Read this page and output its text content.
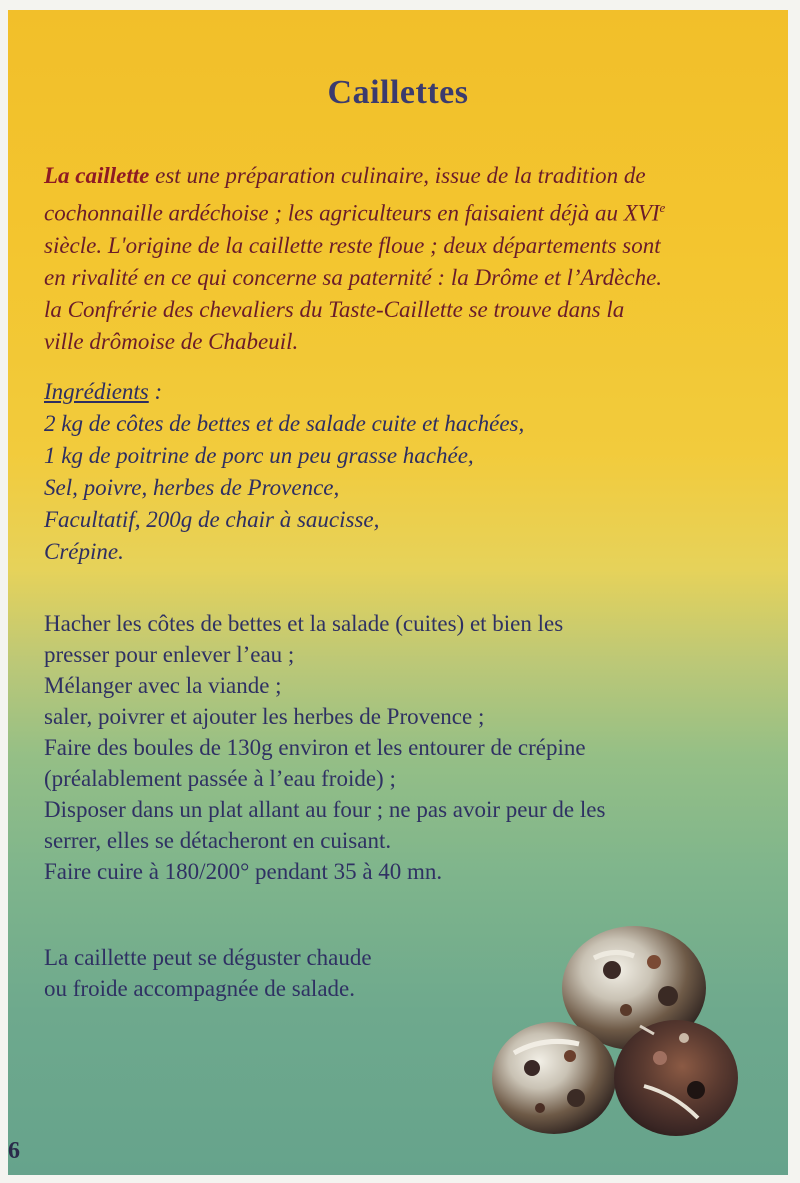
Caillettes
La caillette est une préparation culinaire, issue de la tradition de
cochonnaille ardéchoise ; les agriculteurs en faisaient déjà au XVIe
siècle. L'origine de la caillette reste floue ; deux départements sont
en rivalité en ce qui concerne sa paternité : la Drôme et l’Ardèche.
la Confrérie des chevaliers du Taste-Caillette se trouve dans la
ville drômoise de Chabeuil.
Ingrédients :
2 kg de côtes de bettes et de salade cuite et hachées,
1 kg de poitrine de porc un peu grasse hachée,
Sel, poivre, herbes de Provence,
Facultatif, 200g de chair à saucisse,
Crépine.
Hacher les côtes de bettes et la salade (cuites) et bien les
presser pour enlever l’eau ;
Mélanger avec la viande ;
saler, poivrer et ajouter les herbes de Provence ;
Faire des boules de 130g environ et les entourer de crépine
(préalablement passée à l’eau froide) ;
Disposer dans un plat allant au four ; ne pas avoir peur de les
serrer, elles se détacheront en cuisant.
Faire cuire à 180/200° pendant 35 à 40 mn.
La caillette peut se déguster chaude
ou froide accompagnée de salade.
6
